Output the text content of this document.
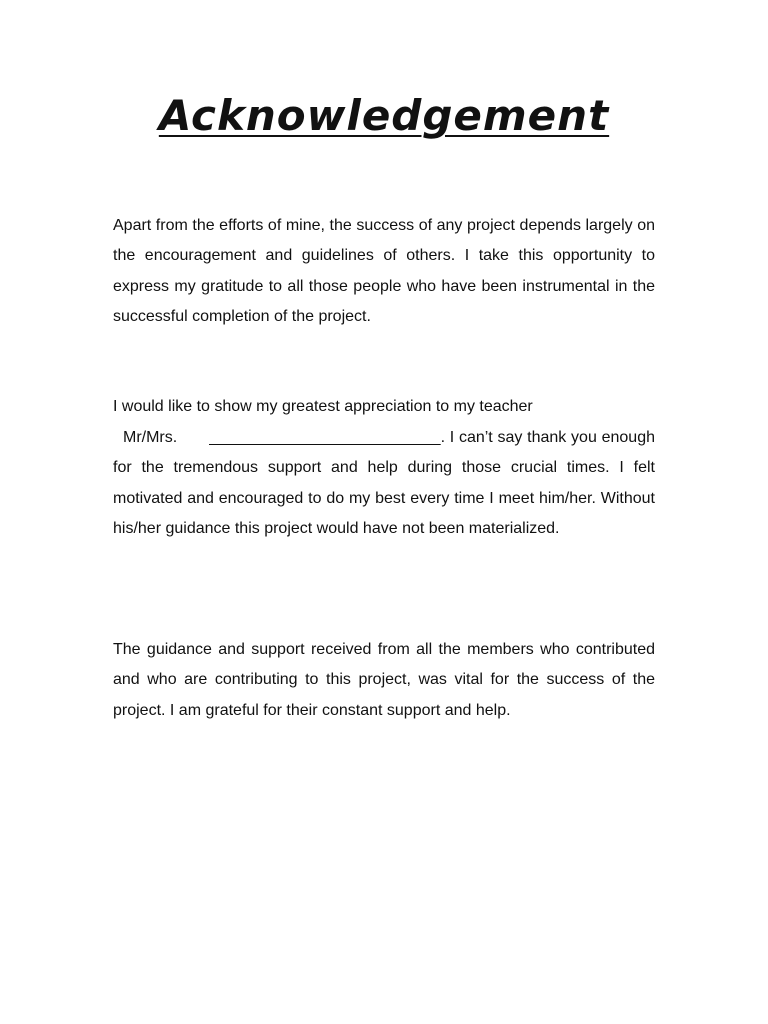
Acknowledgement

Apart from the efforts of mine, the success of any project depends largely on the encouragement and guidelines of others. I take this opportunity to express my gratitude to all those people who have been instrumental in the successful completion of the project.

I would like to show my greatest appreciation to my teacher

Mr/Mrs. __________________________. I can’t say thank you enough for the tremendous support and help during those crucial times. I felt motivated and encouraged to do my best every time I meet him/her. Without his/her guidance this project would have not been materialized.

The guidance and support received from all the members who contributed and who are contributing to this project, was vital for the success of the project. I am grateful for their constant support and help.
